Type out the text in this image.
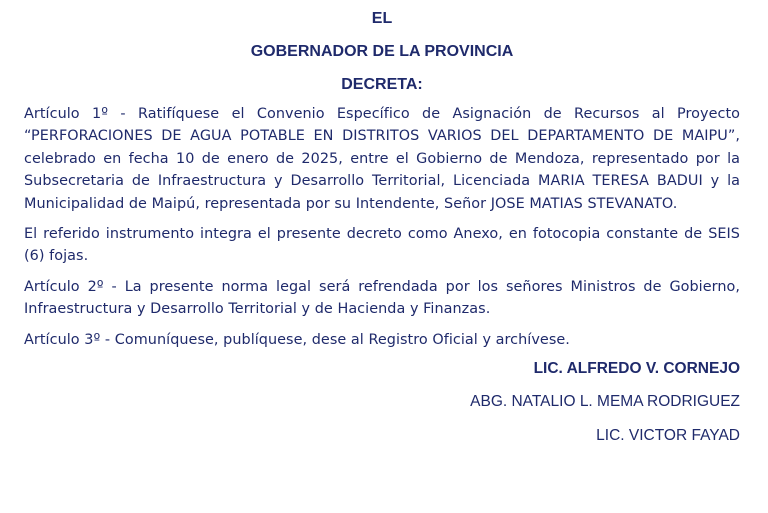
EL

GOBERNADOR DE LA PROVINCIA

DECRETA:

Artículo 1º - Ratifíquese el Convenio Específico de Asignación de Recursos al Proyecto “PERFORACIONES DE AGUA POTABLE EN DISTRITOS VARIOS DEL DEPARTAMENTO DE MAIPU”, celebrado en fecha 10 de enero de 2025, entre el Gobierno de Mendoza, representado por la Subsecretaria de Infraestructura y Desarrollo Territorial, Licenciada MARIA TERESA BADUI y la Municipalidad de Maipú, representada por su Intendente, Señor JOSE MATIAS STEVANATO.

El referido instrumento integra el presente decreto como Anexo, en fotocopia constante de SEIS (6) fojas.

Artículo 2º - La presente norma legal será refrendada por los señores Ministros de Gobierno, Infraestructura y Desarrollo Territorial y de Hacienda y Finanzas.

Artículo 3º - Comuníquese, publíquese, dese al Registro Oficial y archívese.

LIC. ALFREDO V. CORNEJO

ABG. NATALIO L. MEMA RODRIGUEZ

LIC. VICTOR FAYAD
